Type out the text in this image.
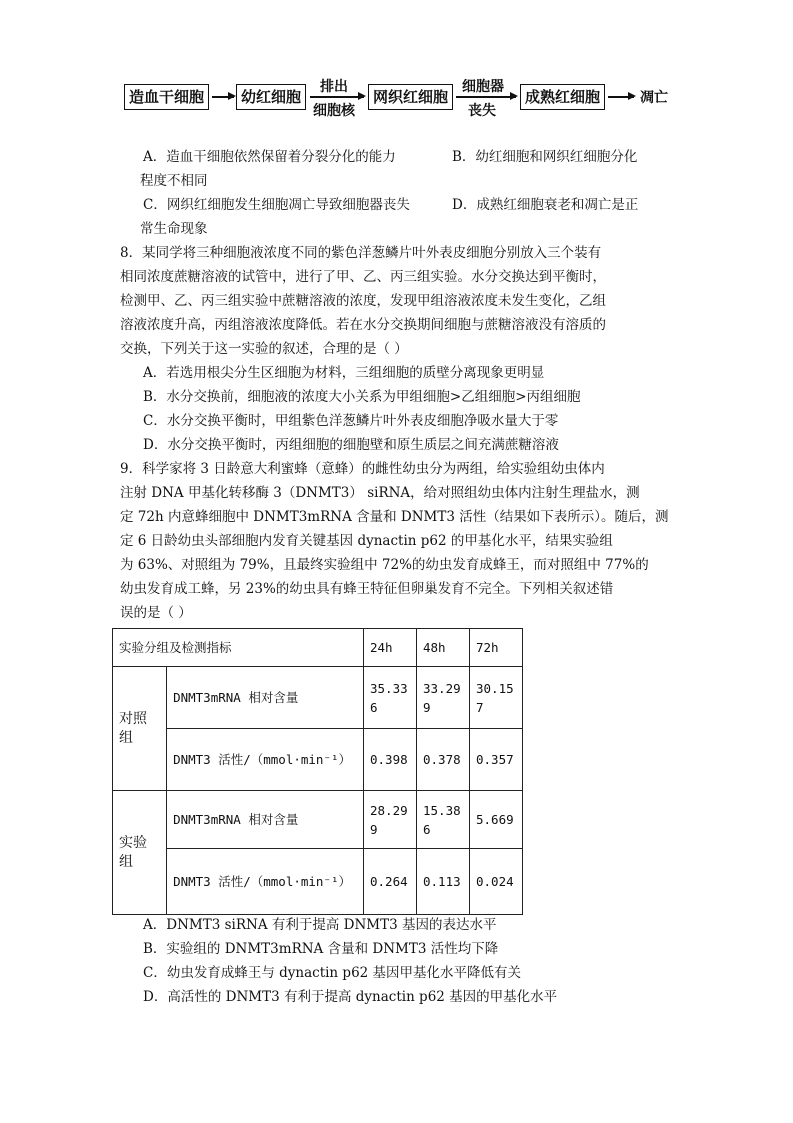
造血干细胞	幼红细胞
排出
细胞核
网织红细胞
细胞器
丧失
成熟红细胞	凋亡
A．造血干细胞依然保留着分裂分化的能力	B．幼红细胞和网织红细胞分化
程度不相同
C．网织红细胞发生细胞凋亡导致细胞器丧失	D．成熟红细胞衰老和凋亡是正
常生命现象
8．某同学将三种细胞液浓度不同的紫色洋葱鳞片叶外表皮细胞分别放入三个装有
相同浓度蔗糖溶液的试管中，进行了甲、乙、丙三组实验。水分交换达到平衡时，
检测甲、乙、丙三组实验中蔗糖溶液的浓度，发现甲组溶液浓度未发生变化，乙组
溶液浓度升高，丙组溶液浓度降低。若在水分交换期间细胞与蔗糖溶液没有溶质的
交换，下列关于这一实验的叙述，合理的是（ ）
A．若选用根尖分生区细胞为材料，三组细胞的质壁分离现象更明显
B．水分交换前，细胞液的浓度大小关系为甲组细胞>乙组细胞>丙组细胞
C．水分交换平衡时，甲组紫色洋葱鳞片叶外表皮细胞净吸水量大于零
D．水分交换平衡时，丙组细胞的细胞壁和原生质层之间充满蔗糖溶液
9．科学家将 3 日龄意大利蜜蜂（意蜂）的雌性幼虫分为两组，给实验组幼虫体内
注射 DNA 甲基化转移酶 3（DNMT3） siRNA，给对照组幼虫体内注射生理盐水，测
定 72h 内意蜂细胞中 DNMT3mRNA 含量和 DNMT3 活性（结果如下表所示）。随后，测
定 6 日龄幼虫头部细胞内发育关键基因 dynactin p62 的甲基化水平，结果实验组
为 63%、对照组为 79%，且最终实验组中 72%的幼虫发育成蜂王，而对照组中 77%的
幼虫发育成工蜂，另 23%的幼虫具有蜂王特征但卵巢发育不完全。下列相关叙述错
误的是（ ）
实验分组及检测指标		24h	48h	72h
对照组	DNMT3mRNA 相对含量	35.336	33.299	30.157
	DNMT3 活性/（mmol·min⁻¹）	0.398	0.378	0.357
实验组	DNMT3mRNA 相对含量	28.299	15.386	5.669
	DNMT3 活性/（mmol·min⁻¹）	0.264	0.113	0.024
A．DNMT3 siRNA 有利于提高 DNMT3 基因的表达水平
B．实验组的 DNMT3mRNA 含量和 DNMT3 活性均下降
C．幼虫发育成蜂王与 dynactin p62 基因甲基化水平降低有关
D．高活性的 DNMT3 有利于提高 dynactin p62 基因的甲基化水平
